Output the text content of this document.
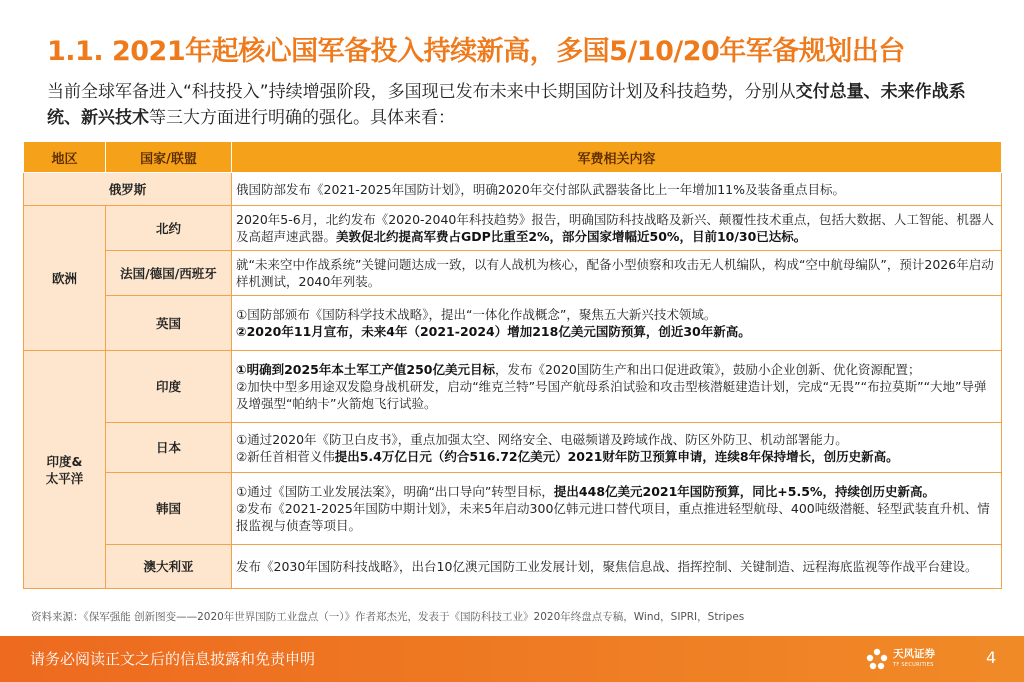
1.1. 2021年起核心国军备投入持续新高，多国5/10/20年军备规划出台
当前全球军备进入“科技投入”持续增强阶段，多国现已发布未来中长期国防计划及科技趋势，分别从交付总量、未来作战系统、新兴技术等三大方面进行明确的强化。具体来看：
地区	国家/联盟	军费相关内容
俄罗斯		俄国防部发布《2021-2025年国防计划》，明确2020年交付部队武器装备比上一年增加11%及装备重点目标。
欧洲	北约	2020年5-6月，北约发布《2020-2040年科技趋势》报告，明确国防科技战略及新兴、颠覆性技术重点，包括大数据、人工智能、机器人及高超声速武器。美敦促北约提高军费占GDP比重至2%，部分国家增幅近50%，目前10/30已达标。
	法国/德国/西班牙	就“未来空中作战系统”关键问题达成一致，以有人战机为核心，配备小型侦察和攻击无人机编队，构成“空中航母编队”，预计2026年启动样机测试，2040年列装。
	英国	①国防部颁布《国防科学技术战略》，提出“一体化作战概念”，聚焦五大新兴技术领域。
②2020年11月宣布，未来4年（2021-2024）增加218亿美元国防预算，创近30年新高。

印度&太平洋	印度	①明确到2025年本土军工产值250亿美元目标，发布《2020国防生产和出口促进政策》，鼓励小企业创新、优化资源配置；
②加快中型多用途双发隐身战机研发，启动“维克兰特”号国产航母系泊试验和攻击型核潜艇建造计划，完成“无畏”“布拉莫斯”“大地”导弹及增强型“帕纳卡”火箭炮飞行试验。

	日本	①通过2020年《防卫白皮书》，重点加强太空、网络安全、电磁频谱及跨域作战、防区外防卫、机动部署能力。
②新任首相菅义伟提出5.4万亿日元（约合516.72亿美元）2021财年防卫预算申请，连续8年保持增长，创历史新高。

	韩国	①通过《国防工业发展法案》，明确“出口导向”转型目标，提出448亿美元2021年国防预算，同比+5.5%，持续创历史新高。
②发布《2021-2025年国防中期计划》，未来5年启动300亿韩元进口替代项目，重点推进轻型航母、400吨级潜艇、轻型武装直升机、情报监视与侦查等项目。

	澳大利亚	发布《2030年国防科技战略》，出台10亿澳元国防工业发展计划，聚焦信息战、指挥控制、关键制造、远程海底监视等作战平台建设。
资料来源：《保军强能 创新图变——2020年世界国防工业盘点（一）》作者郑杰光，发表于《国防科技工业》2020年终盘点专稿，Wind，SIPRI，Stripes
请务必阅读正文之后的信息披露和免责申明	天风证券
TF SECURITIES	4
